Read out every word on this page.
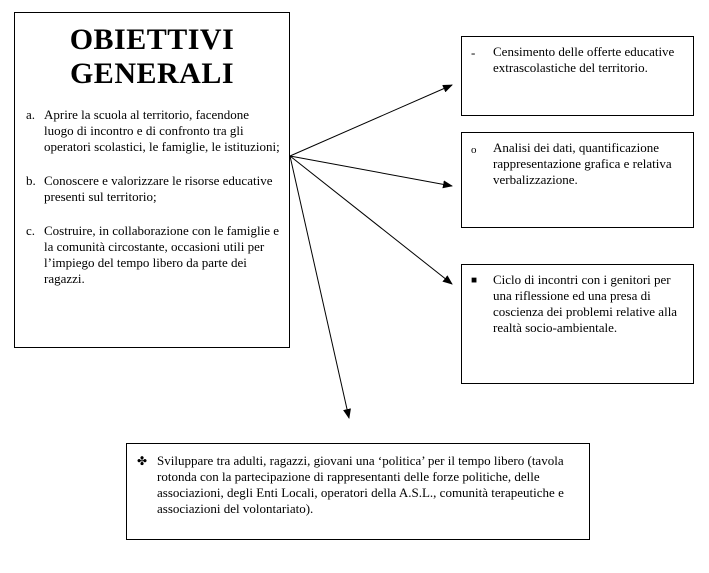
OBIETTIVI
GENERALI
a. Aprire la scuola al territorio, facendone luogo di incontro e di confronto tra gli operatori scolastici, le famiglie, le istituzioni;
b. Conoscere e valorizzare le risorse educative presenti sul territorio;
c. Costruire, in collaborazione con le famiglie e la comunità circostante, occasioni utili per l’impiego del tempo libero da parte dei ragazzi.
- Censimento delle offerte educative extrascolastiche del territorio.
o Analisi dei dati, quantificazione rappresentazione grafica e relativa verbalizzazione.
■ Ciclo di incontri con i genitori per una riflessione ed una presa di coscienza dei problemi relative alla realtà socio-ambientale.
✤ Sviluppare tra adulti, ragazzi, giovani una ‘politica’ per il tempo libero (tavola rotonda con la partecipazione di rappresentanti delle forze politiche, delle associazioni, degli Enti Locali, operatori della A.S.L., comunità terapeutiche e associazioni del volontariato).
